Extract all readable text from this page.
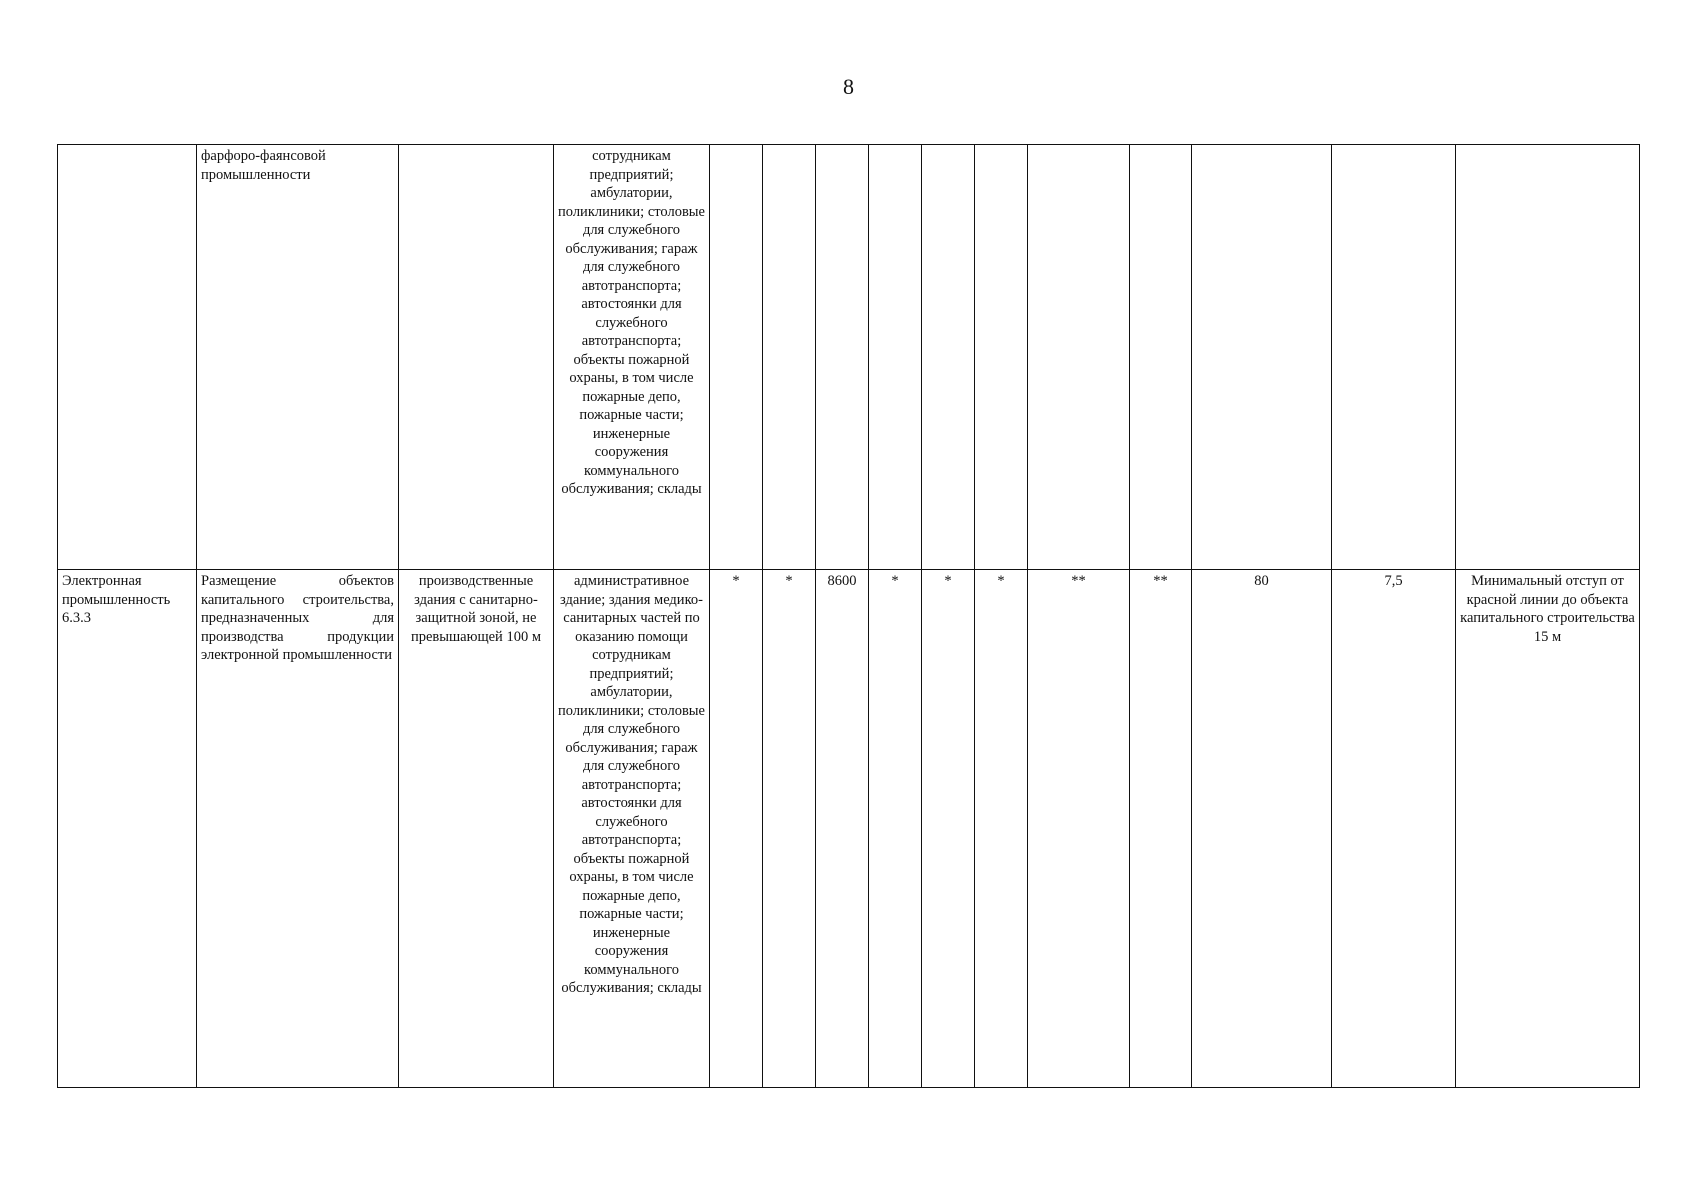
8
	фарфоро-фаянсовой промышленности		сотрудникам предприятий; амбулатории, поликлиники; столовые для служебного обслуживания; гараж для служебного автотранспорта; автостоянки для служебного автотранспорта; объекты пожарной охраны, в том числе пожарные депо, пожарные части; инженерные сооружения коммунального обслуживания; склады											
Электронная промышленность 6.3.3	Размещение объектов капитального строительства, предназначенных для производства продукции электронной промышленности	производственные здания с санитарно-защитной зоной, не превышающей 100 м	административное здание; здания медико-санитарных частей по оказанию помощи сотрудникам предприятий; амбулатории, поликлиники; столовые для служебного обслуживания; гараж для служебного автотранспорта; автостоянки для служебного автотранспорта; объекты пожарной охраны, в том числе пожарные депо, пожарные части; инженерные сооружения коммунального обслуживания; склады	*	*	8600	*	*	*	**	**	80	7,5	Минимальный отступ от красной линии до объекта капитального строительства 15 м
